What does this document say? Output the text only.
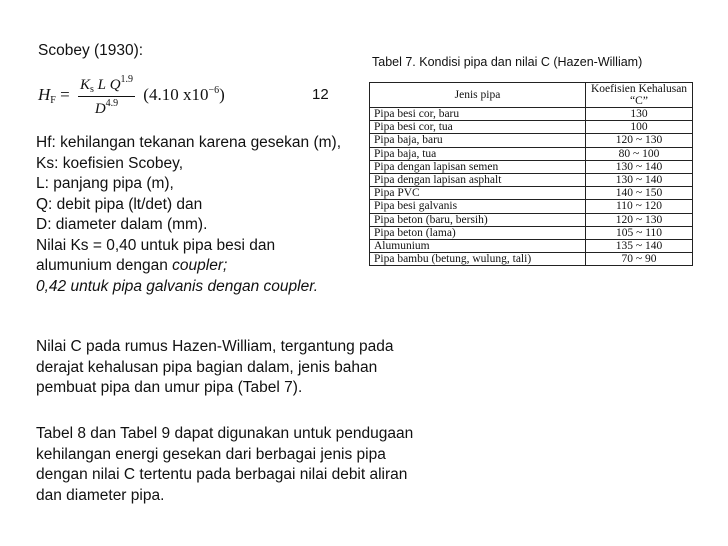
Scobey (1930):
$H_F = \frac{K_s L Q^{1.9}}{D^{4.9}} (4.10$ $x10^{-6}$)	12
Tabel 7. Kondisi pipa dan nilai C (Hazen-William)
Jenis pipa	Koefisien Kehalusan “C”
Pipa besi cor, baru	130
Pipa besi cor, tua	100
Pipa baja, baru	120 ~ 130
Pipa baja, tua	80 ~ 100
Pipa dengan lapisan semen	130 ~ 140
Pipa dengan lapisan asphalt	130 ~ 140
Pipa PVC	140 ~ 150
Pipa besi galvanis	110 ~ 120
Pipa beton (baru, bersih)	120 ~ 130
Pipa beton (lama)	105 ~ 110
Alumunium	135 ~ 140
Pipa bambu (betung, wulung, tali)	70 ~ 90
Hf: kehilangan tekanan karena gesekan (m),
Ks: koefisien Scobey,
L: panjang pipa (m),
Q: debit pipa (lt/det) dan
D: diameter dalam (mm).
Nilai Ks = 0,40 untuk pipa besi dan
alumunium dengan coupler;
0,42 untuk pipa galvanis dengan coupler.
Nilai C pada rumus Hazen-William, tergantung pada
derajat kehalusan pipa bagian dalam, jenis bahan
pembuat pipa dan umur pipa (Tabel 7).
Tabel 8 dan Tabel 9 dapat digunakan untuk pendugaan
kehilangan energi gesekan dari berbagai jenis pipa
dengan nilai C tertentu pada berbagai nilai debit aliran
dan diameter pipa.
